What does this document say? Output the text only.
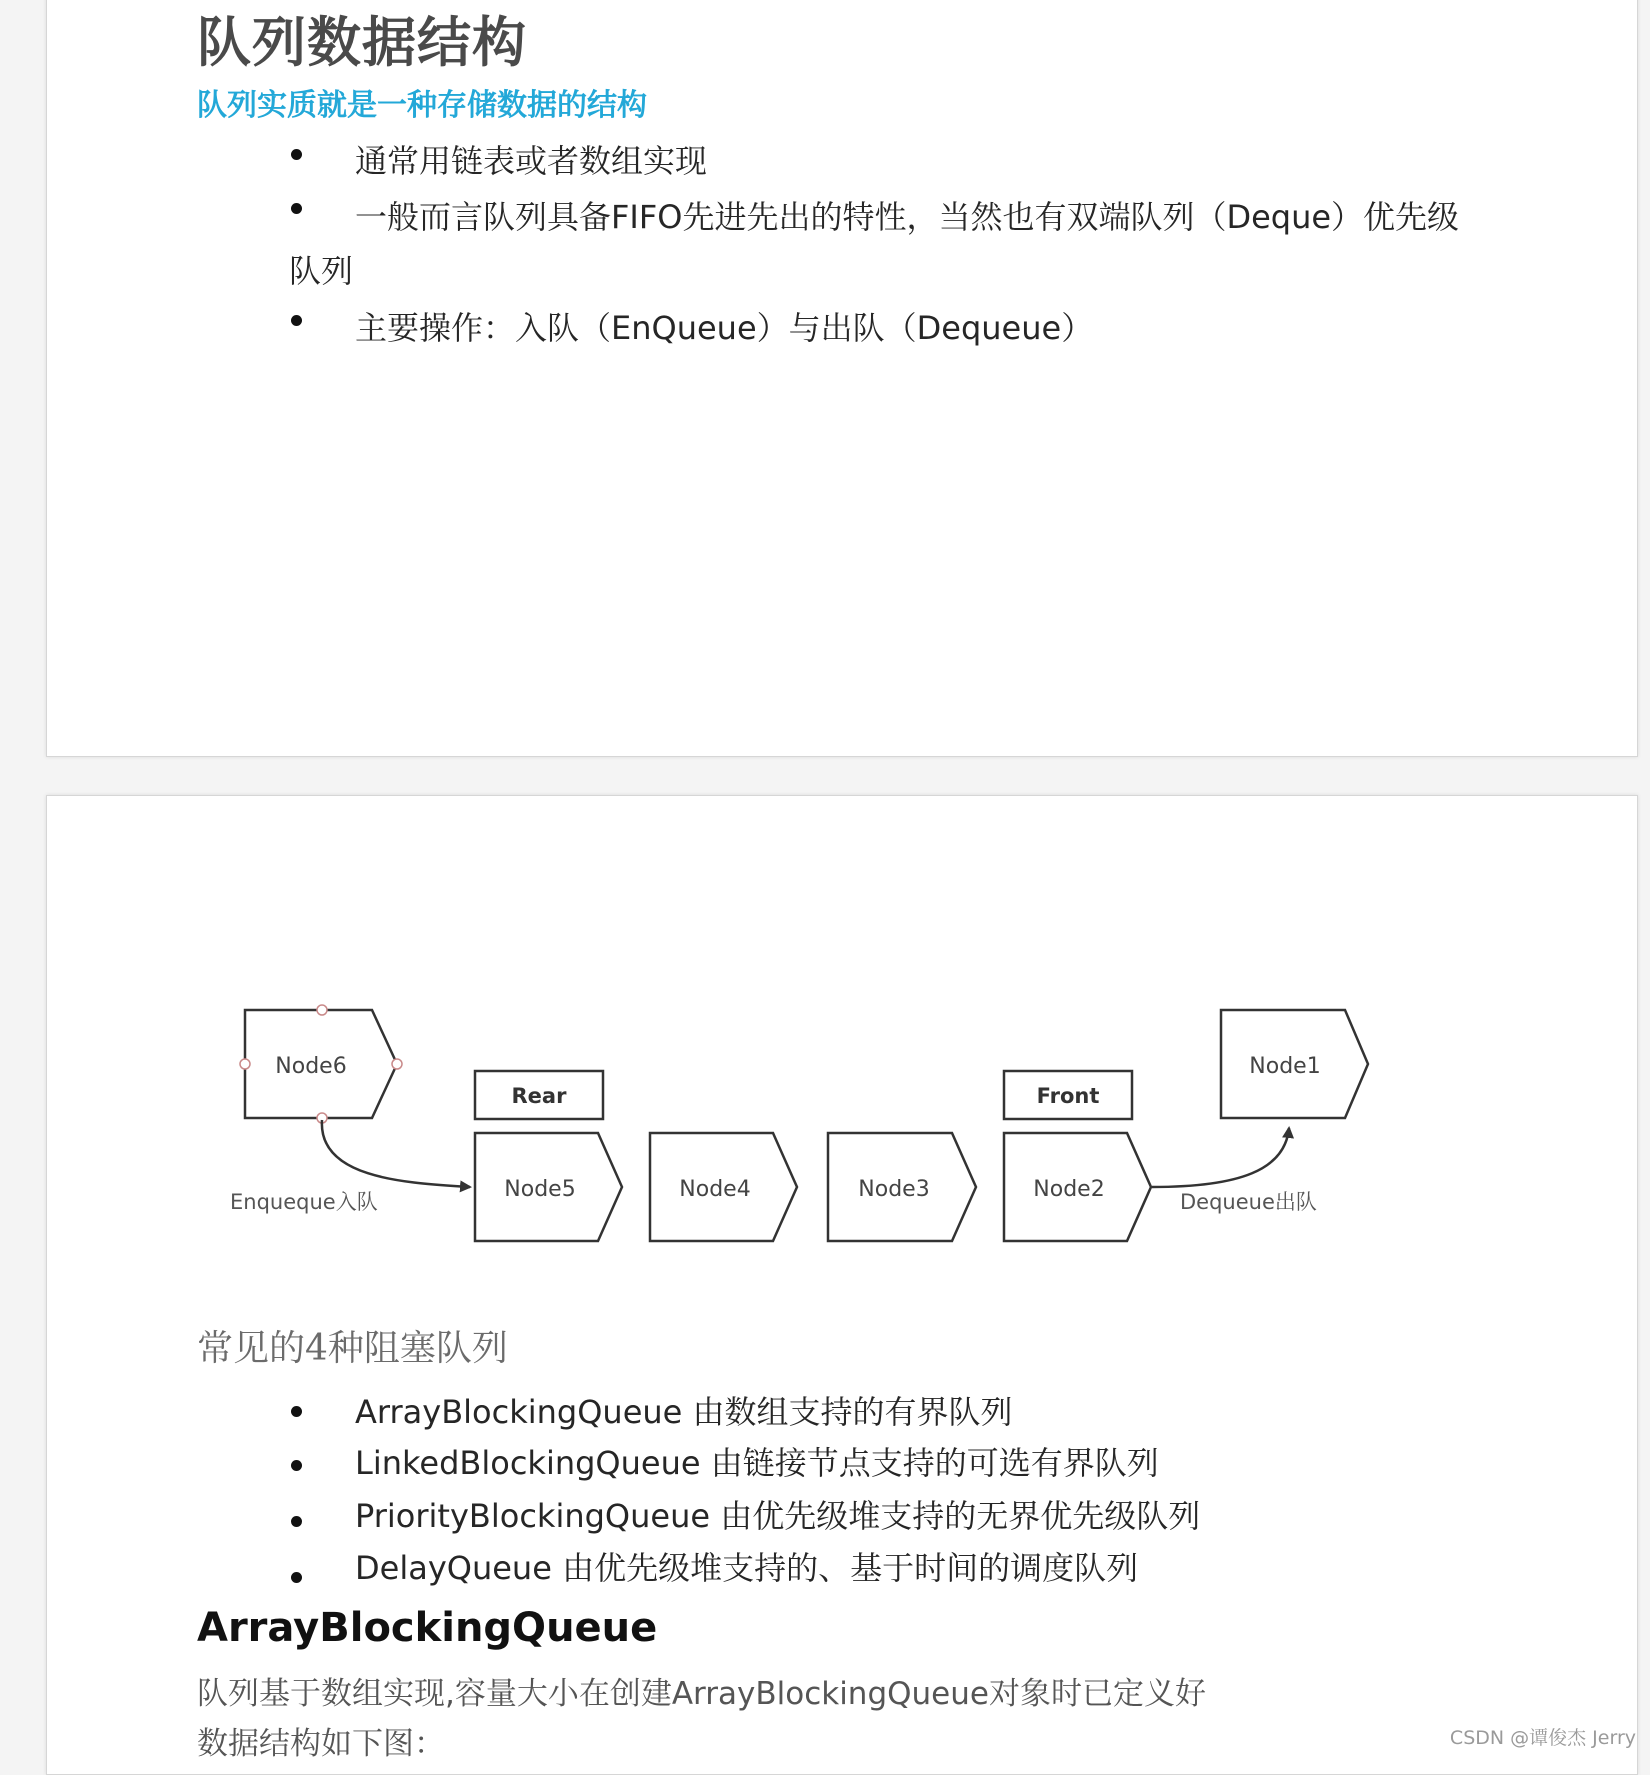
队列数据结构
队列实质就是一种存储数据的结构
通常用链表或者数组实现
一般而言队列具备FIFO先进先出的特性，当然也有双端队列（Deque）优先级
队列
主要操作：入队（EnQueue）与出队（Dequeue）
Node6
Rear
Node5	Node4	Node3
Front
Node2
Node1
Enqueque入队	Dequeue出队
常见的4种阻塞队列
ArrayBlockingQueue 由数组支持的有界队列
LinkedBlockingQueue 由链接节点支持的可选有界队列
PriorityBlockingQueue 由优先级堆支持的无界优先级队列
DelayQueue 由优先级堆支持的、基于时间的调度队列
ArrayBlockingQueue
队列基于数组实现,容量大小在创建ArrayBlockingQueue对象时已定义好
数据结构如下图：	CSDN @谭俊杰 Jerry
